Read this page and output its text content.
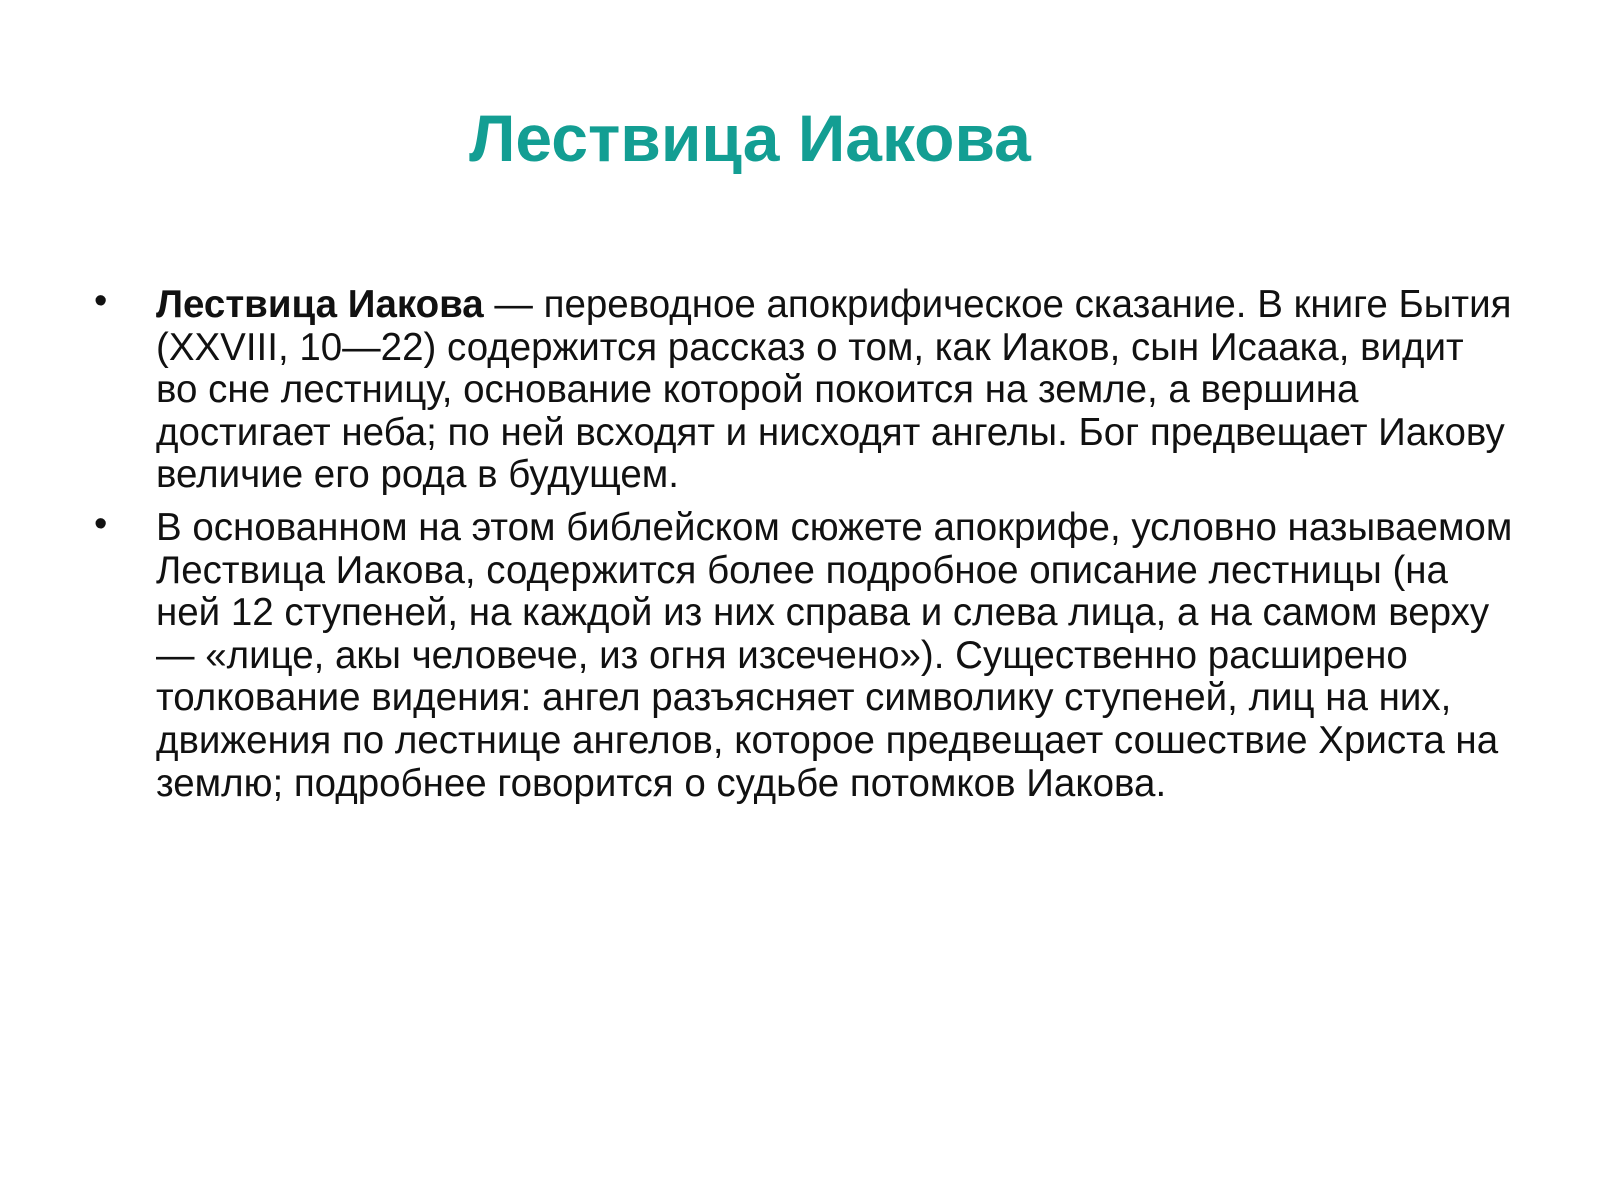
Лествица Иакова
• Лествица Иакова — переводное апокрифическое сказание. В книге Бытия (XXVIII, 10—22) содержится рассказ о том, как Иаков, сын Исаака, видит во сне лестницу, основание которой покоится на земле, а вершина достигает неба; по ней всходят и нисходят ангелы. Бог предвещает Иакову величие его рода в будущем.
• В основанном на этом библейском сюжете апокрифе, условно называемом Лествица Иакова, содержится более подробное описание лестницы (на ней 12 ступеней, на каждой из них справа и слева лица, а на самом верху — «лице, акы человече, из огня изсечено»). Существенно расширено толкование видения: ангел разъясняет символику ступеней, лиц на них, движения по лестнице ангелов, которое предвещает сошествие Христа на землю; подробнее говорится о судьбе потомков Иакова.
